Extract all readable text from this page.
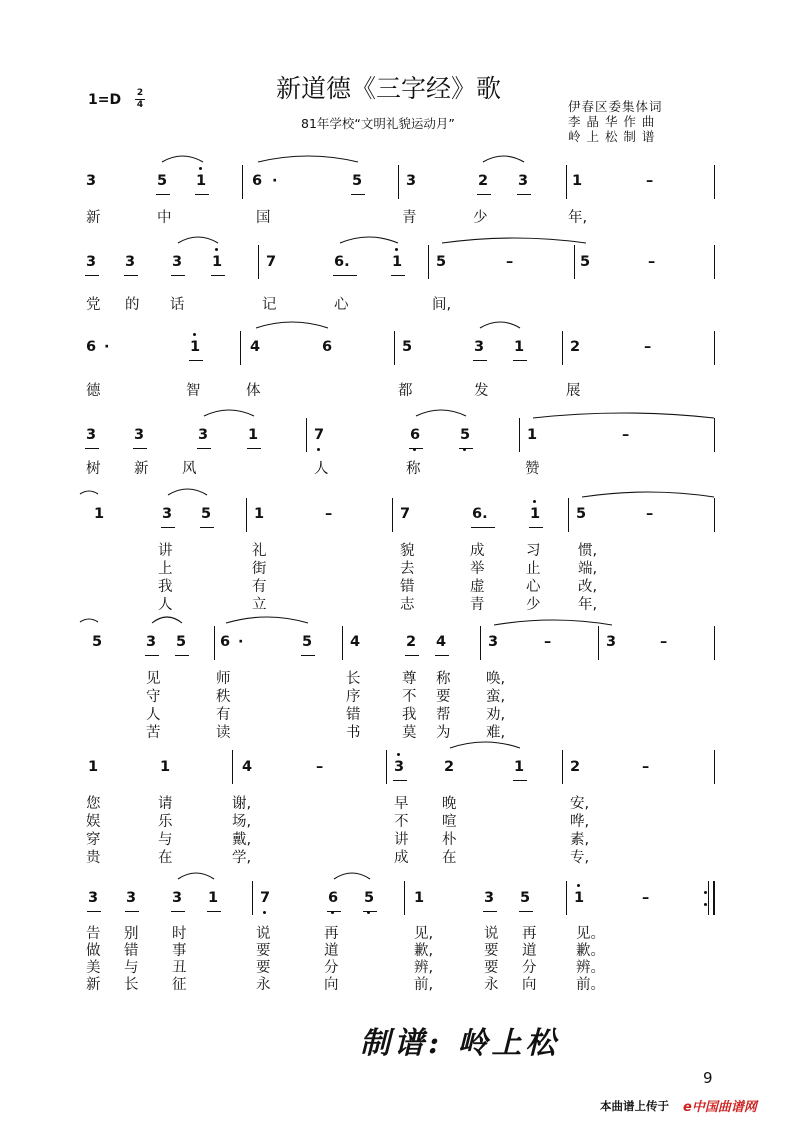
新道德《三字经》歌
1=D 2
4
81年学校“文明礼貌运动月”
伊春区委集体词
李 晶 华 作 曲
岭 上 松 制 谱
3	5 1	6 ·	5	3	2 3	1	–
3 3	3 1	7	6.	1 5	–	5	–
6 ·	1	4	6	5	3 1	2	–
3	3	3	1	7	6	5	1	–
1	3 5	1	–	7	6.	1 5	–
5	3 5 6 ·	5	4	2 4	3	–	3	–
1	1	4	–	3	2	1	2	–
3 3 3 1	7	6 5	1	3 5	1	–
新	中	国	青	少	年,
党 的 话	记	心	间,
德	智	体	都	发	展
树 新 风	人	称	赞
讲	礼	貌	成	习	惯,
上	街	去	举	止	端,
我	有	错	虚	心	改,
人	立	志	青	少	年,
见	师	长	尊 称 唤,
守	秩	序	不 要 蛮,
人	有	错	我 帮 劝,
苦	读	书	莫 为 难,
您	请	谢,	早 晚	安,
娱	乐	场,	不 喧	哗,
穿	与	戴,	讲 朴	素,
贵	在	学,	成 在	专,
告 别 时	说	再	见,	说 再	见。
做 错 事	要	道	歉,	要 道	歉。
美 与 丑	要	分	辨,	要 分	辨。
新 长 征	永	向	前,	永 向	前。
制谱: 岭上松
9
本曲谱上传于 e中国曲谱网
